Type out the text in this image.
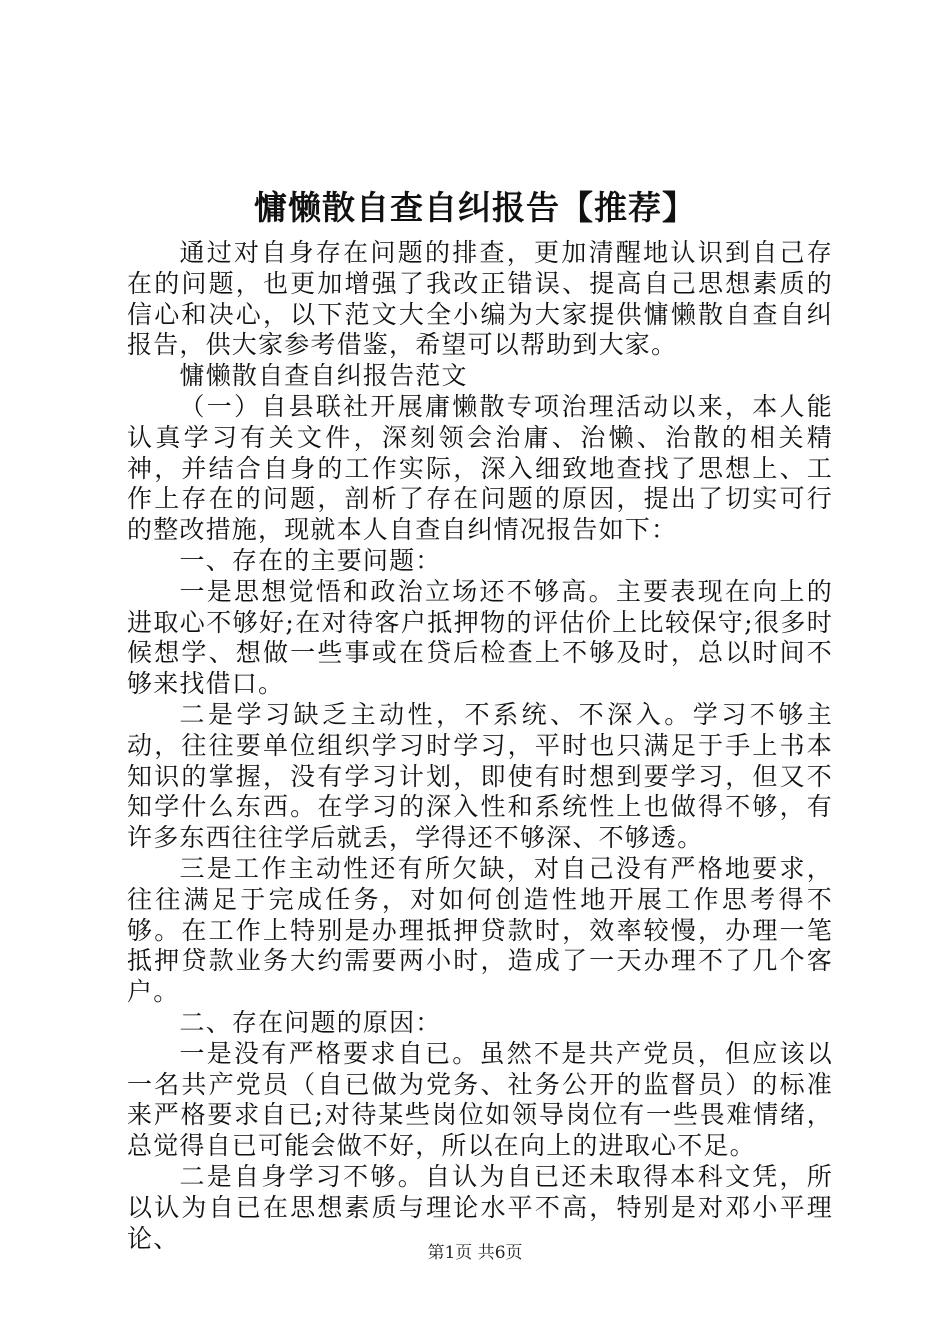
慵懒散自查自纠报告【推荐】

通过对自身存在问题的排查，更加清醒地认识到自己存在的问题，也更加增强了我改正错误、提高自己思想素质的信心和决心，以下范文大全小编为大家提供慵懒散自查自纠报告，供大家参考借鉴，希望可以帮助到大家。

慵懒散自查自纠报告范文

（一）自县联社开展庸懒散专项治理活动以来，本人能认真学习有关文件，深刻领会治庸、治懒、治散的相关精神，并结合自身的工作实际，深入细致地查找了思想上、工作上存在的问题，剖析了存在问题的原因，提出了切实可行的整改措施，现就本人自查自纠情况报告如下：

一、存在的主要问题：

一是思想觉悟和政治立场还不够高。主要表现在向上的进取心不够好;在对待客户抵押物的评估价上比较保守;很多时候想学、想做一些事或在贷后检查上不够及时，总以时间不够来找借口。

二是学习缺乏主动性，不系统、不深入。学习不够主动，往往要单位组织学习时学习，平时也只满足于手上书本知识的掌握，没有学习计划，即使有时想到要学习，但又不知学什么东西。在学习的深入性和系统性上也做得不够，有许多东西往往学后就丢，学得还不够深、不够透。

三是工作主动性还有所欠缺，对自己没有严格地要求，往往满足于完成任务，对如何创造性地开展工作思考得不够。在工作上特别是办理抵押贷款时，效率较慢，办理一笔抵押贷款业务大约需要两小时，造成了一天办理不了几个客户。

二、存在问题的原因：

一是没有严格要求自已。虽然不是共产党员，但应该以一名共产党员（自已做为党务、社务公开的监督员）的标准来严格要求自已;对待某些岗位如领导岗位有一些畏难情绪，总觉得自已可能会做不好，所以在向上的进取心不足。

二是自身学习不够。自认为自已还未取得本科文凭，所以认为自已在思想素质与理论水平不高，特别是对邓小平理论、

第1页 共6页
